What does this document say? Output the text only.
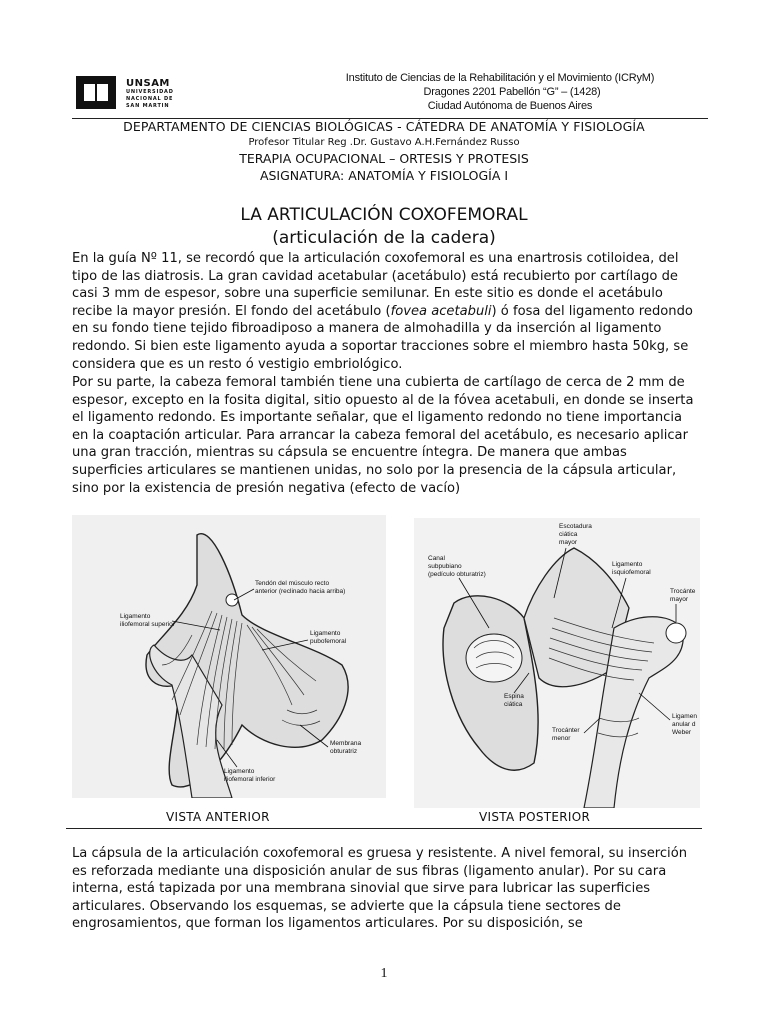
UNSAM
UNIVERSIDAD
NACIONAL DE
SAN MARTIN
Instituto de Ciencias de la Rehabilitación y el Movimiento (ICRyM)
Dragones 2201 Pabellón “G” – (1428)
Ciudad Autónoma de Buenos Aires
DEPARTAMENTO DE CIENCIAS BIOLÓGICAS - CÁTEDRA DE ANATOMÍA Y FISIOLOGÍA
Profesor Titular Reg .Dr. Gustavo A.H.Fernández Russo
TERAPIA OCUPACIONAL – ORTESIS Y PROTESIS
ASIGNATURA: ANATOMÍA Y FISIOLOGÍA I
LA ARTICULACIÓN COXOFEMORAL
(articulación de la cadera)
En la guía Nº 11, se recordó que la articulación coxofemoral es una enartrosis cotiloidea, del tipo de las diatrosis. La gran cavidad acetabular (acetábulo) está recubierto por cartílago de casi 3 mm de espesor, sobre una superficie semilunar. En este sitio es donde el acetábulo recibe la mayor presión. El fondo del acetábulo (fovea acetabuli) ó fosa del ligamento redondo en su fondo tiene tejido fibroadiposo a manera de almohadilla y da inserción al ligamento redondo. Si bien este ligamento ayuda a soportar tracciones sobre el miembro hasta 50kg, se considera que es un resto ó vestigio embriológico.
Por su parte, la cabeza femoral también tiene una cubierta de cartílago de cerca de 2 mm de espesor, excepto en la fosita digital, sitio opuesto al de la fóvea acetabuli, en donde se inserta el ligamento redondo. Es importante señalar, que el ligamento redondo no tiene importancia en la coaptación articular. Para arrancar la cabeza femoral del acetábulo, es necesario aplicar una gran tracción, mientras su cápsula se encuentre íntegra. De manera que ambas superficies articulares se mantienen unidas, no solo por la presencia de la cápsula articular, sino por la existencia de presión negativa (efecto de vacío)
Tendón del músculo recto
anterior (reclinado hacia arriba)
Ligamento
iliofemoral superior
Ligamento
pubofemoral
Membrana
obturatriz
Ligamento
iliofemoral inferior
Escotadura
ciática
mayor
Canal
subpubiano
(pedículo obturatriz)
Ligamento
isquiofemoral
Trocánte
mayor
Espina
ciática
Trocánter
menor
Ligamen
anular d
Weber
VISTA ANTERIOR	VISTA POSTERIOR
La cápsula de la articulación coxofemoral es gruesa y resistente. A nivel femoral, su inserción es reforzada mediante una disposición anular de sus fibras (ligamento anular). Por su cara interna, está tapizada por una membrana sinovial que sirve para lubricar las superficies articulares. Observando los esquemas, se advierte que la cápsula tiene sectores de engrosamientos, que forman los ligamentos articulares. Por su disposición, se
1
